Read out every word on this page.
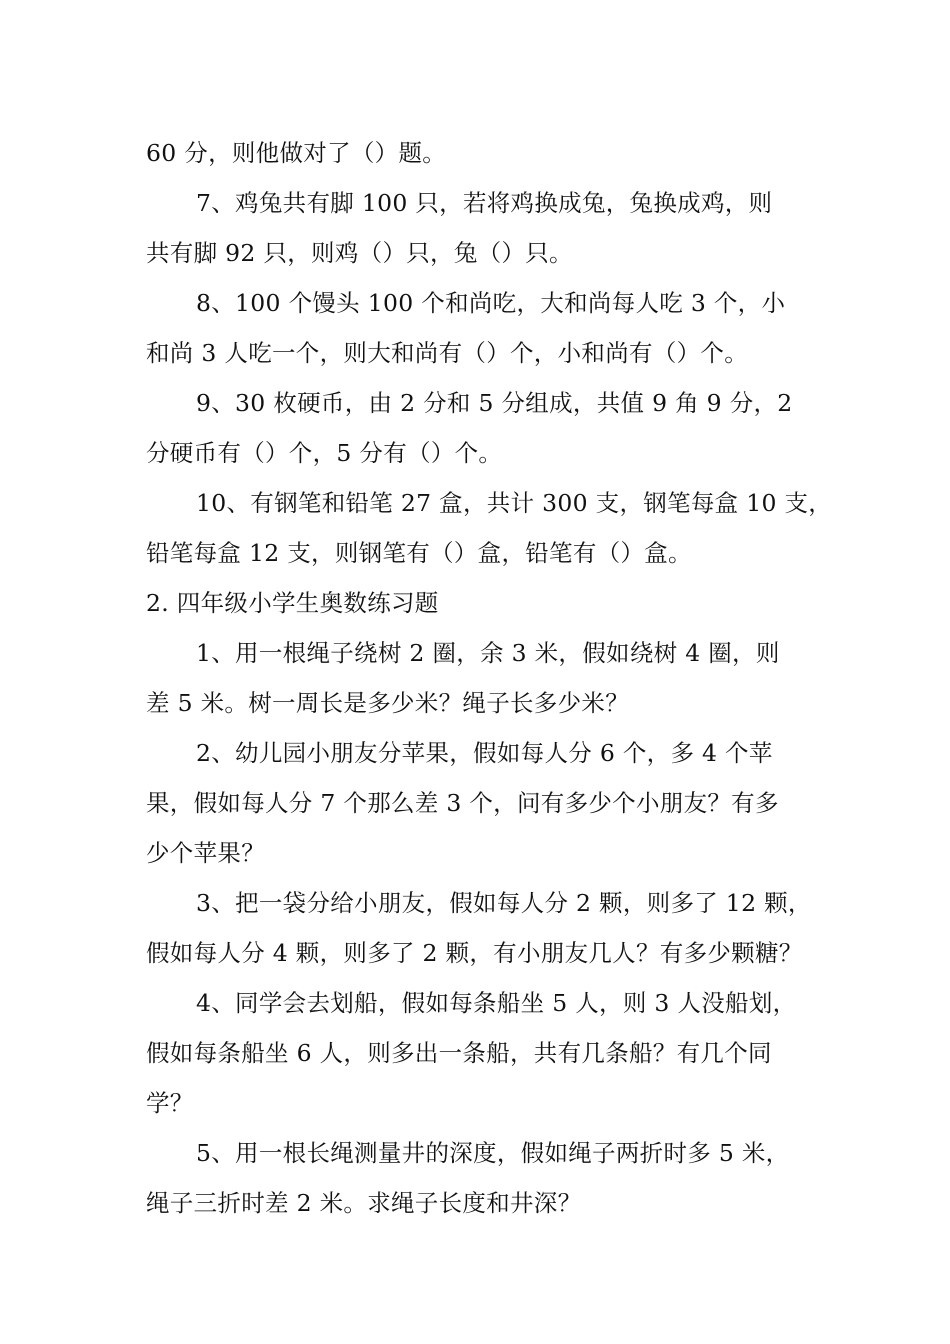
60 分，则他做对了（）题。
7、鸡兔共有脚 100 只，若将鸡换成兔，兔换成鸡，则
共有脚 92 只，则鸡（）只，兔（）只。
8、100 个馒头 100 个和尚吃，大和尚每人吃 3 个，小
和尚 3 人吃一个，则大和尚有（）个，小和尚有（）个。
9、30 枚硬币，由 2 分和 5 分组成，共值 9 角 9 分，2
分硬币有（）个，5 分有（）个。
10、有钢笔和铅笔 27 盒，共计 300 支，钢笔每盒 10 支，
铅笔每盒 12 支，则钢笔有（）盒，铅笔有（）盒。
2. 四年级小学生奥数练习题
1、用一根绳子绕树 2 圈，余 3 米，假如绕树 4 圈，则
差 5 米。树一周长是多少米？绳子长多少米？
2、幼儿园小朋友分苹果，假如每人分 6 个，多 4 个苹
果，假如每人分 7 个那么差 3 个，问有多少个小朋友？有多
少个苹果？
3、把一袋分给小朋友，假如每人分 2 颗，则多了 12 颗，
假如每人分 4 颗，则多了 2 颗，有小朋友几人？有多少颗糖？
4、同学会去划船，假如每条船坐 5 人，则 3 人没船划，
假如每条船坐 6 人，则多出一条船，共有几条船？有几个同
学？
5、用一根长绳测量井的深度，假如绳子两折时多 5 米，
绳子三折时差 2 米。求绳子长度和井深？
